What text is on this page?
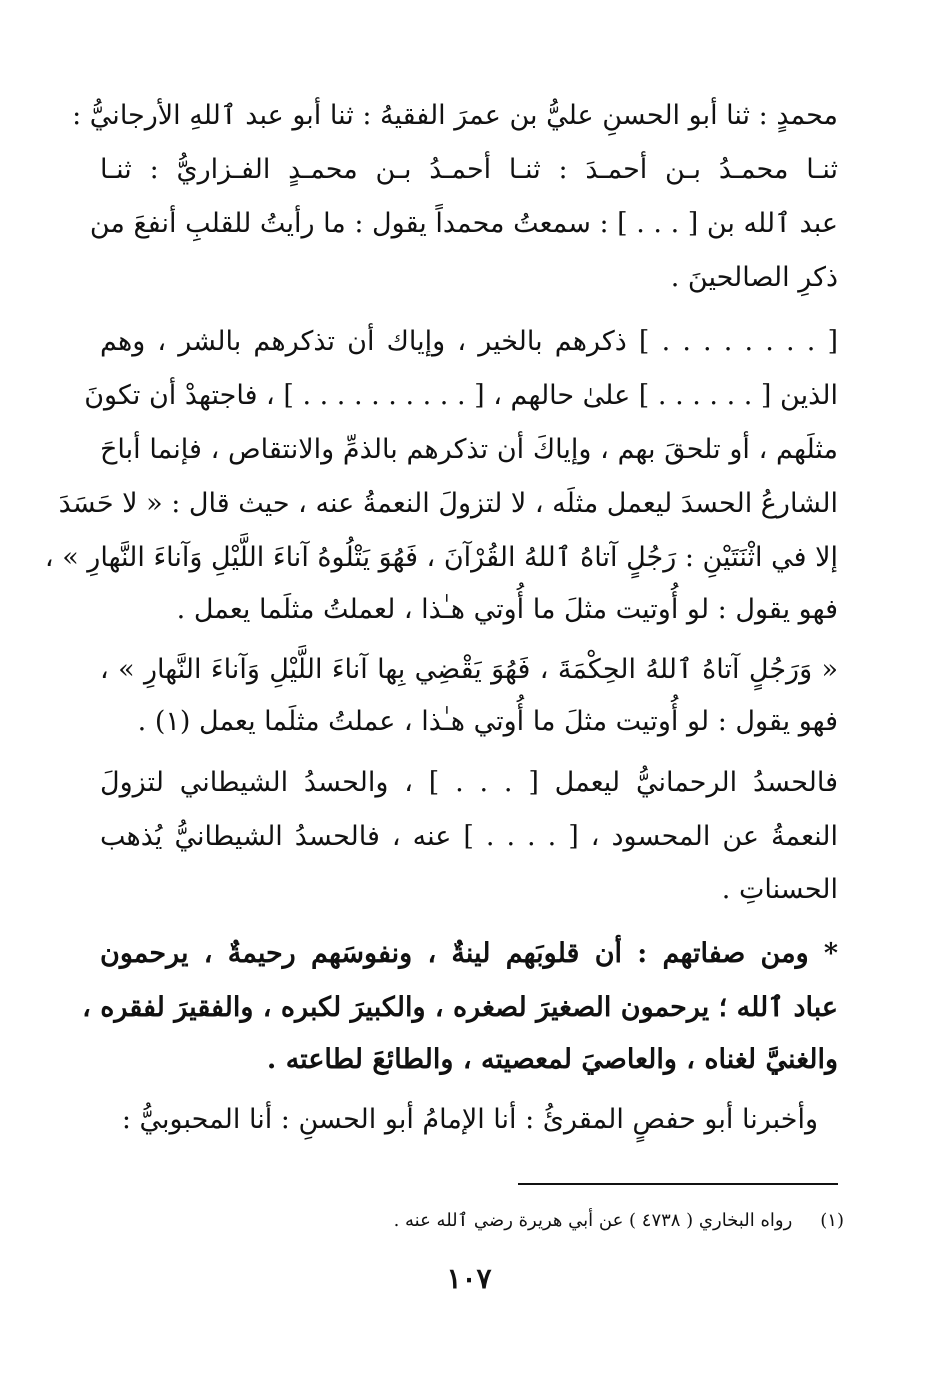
محمدٍ : ثنا أبو الحسنِ عليُّ بن عمرَ الفقيهُ : ثنا أبو عبد ٱللهِ الأرجانيُّ :
ثنـا محمـدُ بـن أحمـدَ : ثنـا أحمـدُ بـن محمـدٍ الفـزاريُّ : ثنـا
عبد ٱلله بن [ . . . ] : سمعتُ محمداً يقول : ما رأيتُ للقلبِ أنفعَ من
ذكرِ الصالحينَ .
[ . . . . . . . . ] ذكرهم بالخير ، وإياك أن تذكرهم بالشر ، وهم
الذين [ . . . . . . ] علىٰ حالهم ، [ . . . . . . . . . . ] ، فاجتهدْ أن تكونَ
مثلَهم ، أو تلحقَ بهم ، وإياكَ أن تذكرهم بالذمِّ والانتقاص ، فإنما أباحَ
الشارعُ الحسدَ ليعمل مثلَه ، لا لتزولَ النعمةُ عنه ، حيث قال : « لا حَسَدَ
إلا في اثْنَتَيْنِ : رَجُلٍ آتاهُ ٱللهُ القُرْآنَ ، فَهُوَ يَتْلُوهُ آناءَ اللَّيْلِ وَآناءَ النَّهارِ » ،
فهو يقول : لو أُوتيت مثلَ ما أُوتي هـٰذا ، لعملتُ مثلَما يعمل .
« وَرَجُلٍ آتاهُ ٱللهُ الحِكْمَةَ ، فَهُوَ يَقْضِي بِها آناءَ اللَّيْلِ وَآناءَ النَّهارِ » ،
فهو يقول : لو أُوتيت مثلَ ما أُوتي هـٰذا ، عملتُ مثلَما يعمل (١) .
فالحسدُ الرحمانيُّ ليعمل [ . . . ] ، والحسدُ الشيطاني لتزولَ
النعمةُ عن المحسود ، [ . . . . ] عنه ، فالحسدُ الشيطانيُّ يُذهب
الحسناتِ .
* ومن صفاتهم : أن قلوبَهم لينةٌ ، ونفوسَهم رحيمةٌ ، يرحمون
عباد ٱلله ؛ يرحمون الصغيرَ لصغره ، والكبيرَ لكبره ، والفقيرَ لفقره ،
والغنيَّ لغناه ، والعاصيَ لمعصيته ، والطائعَ لطاعته .
وأخبرنا أبو حفصٍ المقرئُ : أنا الإمامُ أبو الحسنِ : أنا المحبوبيُّ :
(١)رواه البخاري ( ٤٧٣٨ ) عن أبي هريرة رضي ٱلله عنه .
١٠٧
